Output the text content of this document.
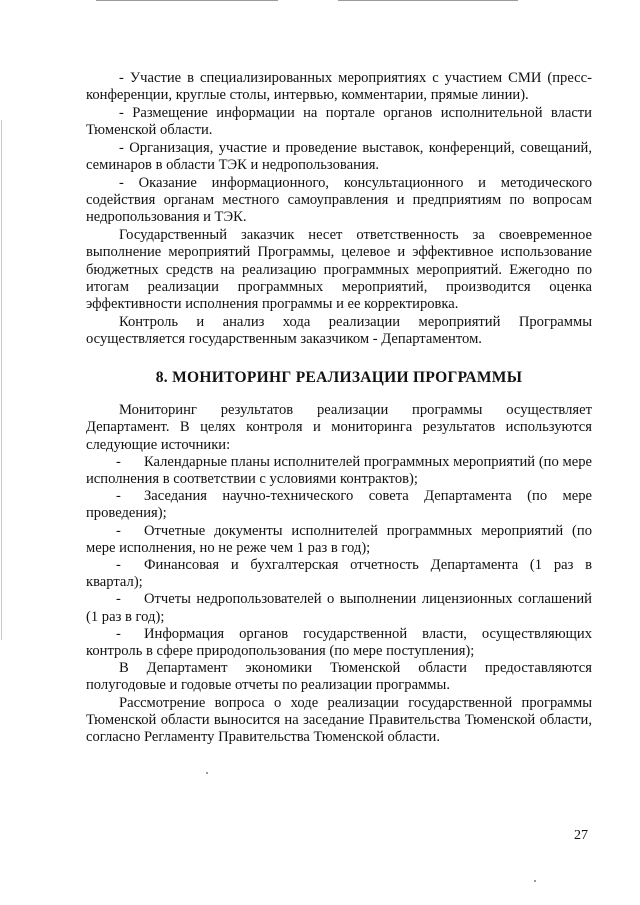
- Участие в специализированных мероприятиях с участием СМИ (пресс-конференции, круглые столы, интервью, комментарии, прямые линии).

- Размещение информации на портале органов исполнительной власти Тюменской области.

- Организация, участие и проведение выставок, конференций, совещаний, семинаров в области ТЭК и недропользования.

- Оказание информационного, консультационного и методического содействия органам местного самоуправления и предприятиям по вопросам недропользования и ТЭК.

Государственный заказчик несет ответственность за своевременное выполнение мероприятий Программы, целевое и эффективное использование бюджетных средств на реализацию программных мероприятий. Ежегодно по итогам реализации программных мероприятий, производится оценка эффективности исполнения программы и ее корректировка.

Контроль и анализ хода реализации мероприятий Программы осуществляется государственным заказчиком - Департаментом.

8. МОНИТОРИНГ РЕАЛИЗАЦИИ ПРОГРАММЫ

Мониторинг результатов реализации программы осуществляет Департамент. В целях контроля и мониторинга результатов используются следующие источники:

- Календарные планы исполнителей программных мероприятий (по мере исполнения в соответствии с условиями контрактов);

- Заседания научно-технического совета Департамента (по мере проведения);

- Отчетные документы исполнителей программных мероприятий (по мере исполнения, но не реже чем 1 раз в год);

- Финансовая и бухгалтерская отчетность Департамента (1 раз в квартал);

- Отчеты недропользователей о выполнении лицензионных соглашений (1 раз в год);

- Информация органов государственной власти, осуществляющих контроль в сфере природопользования (по мере поступления);

В Департамент экономики Тюменской области предоставляются полугодовые и годовые отчеты по реализации программы.

Рассмотрение вопроса о ходе реализации государственной программы Тюменской области выносится на заседание Правительства Тюменской области, согласно Регламенту Правительства Тюменской области.

27
